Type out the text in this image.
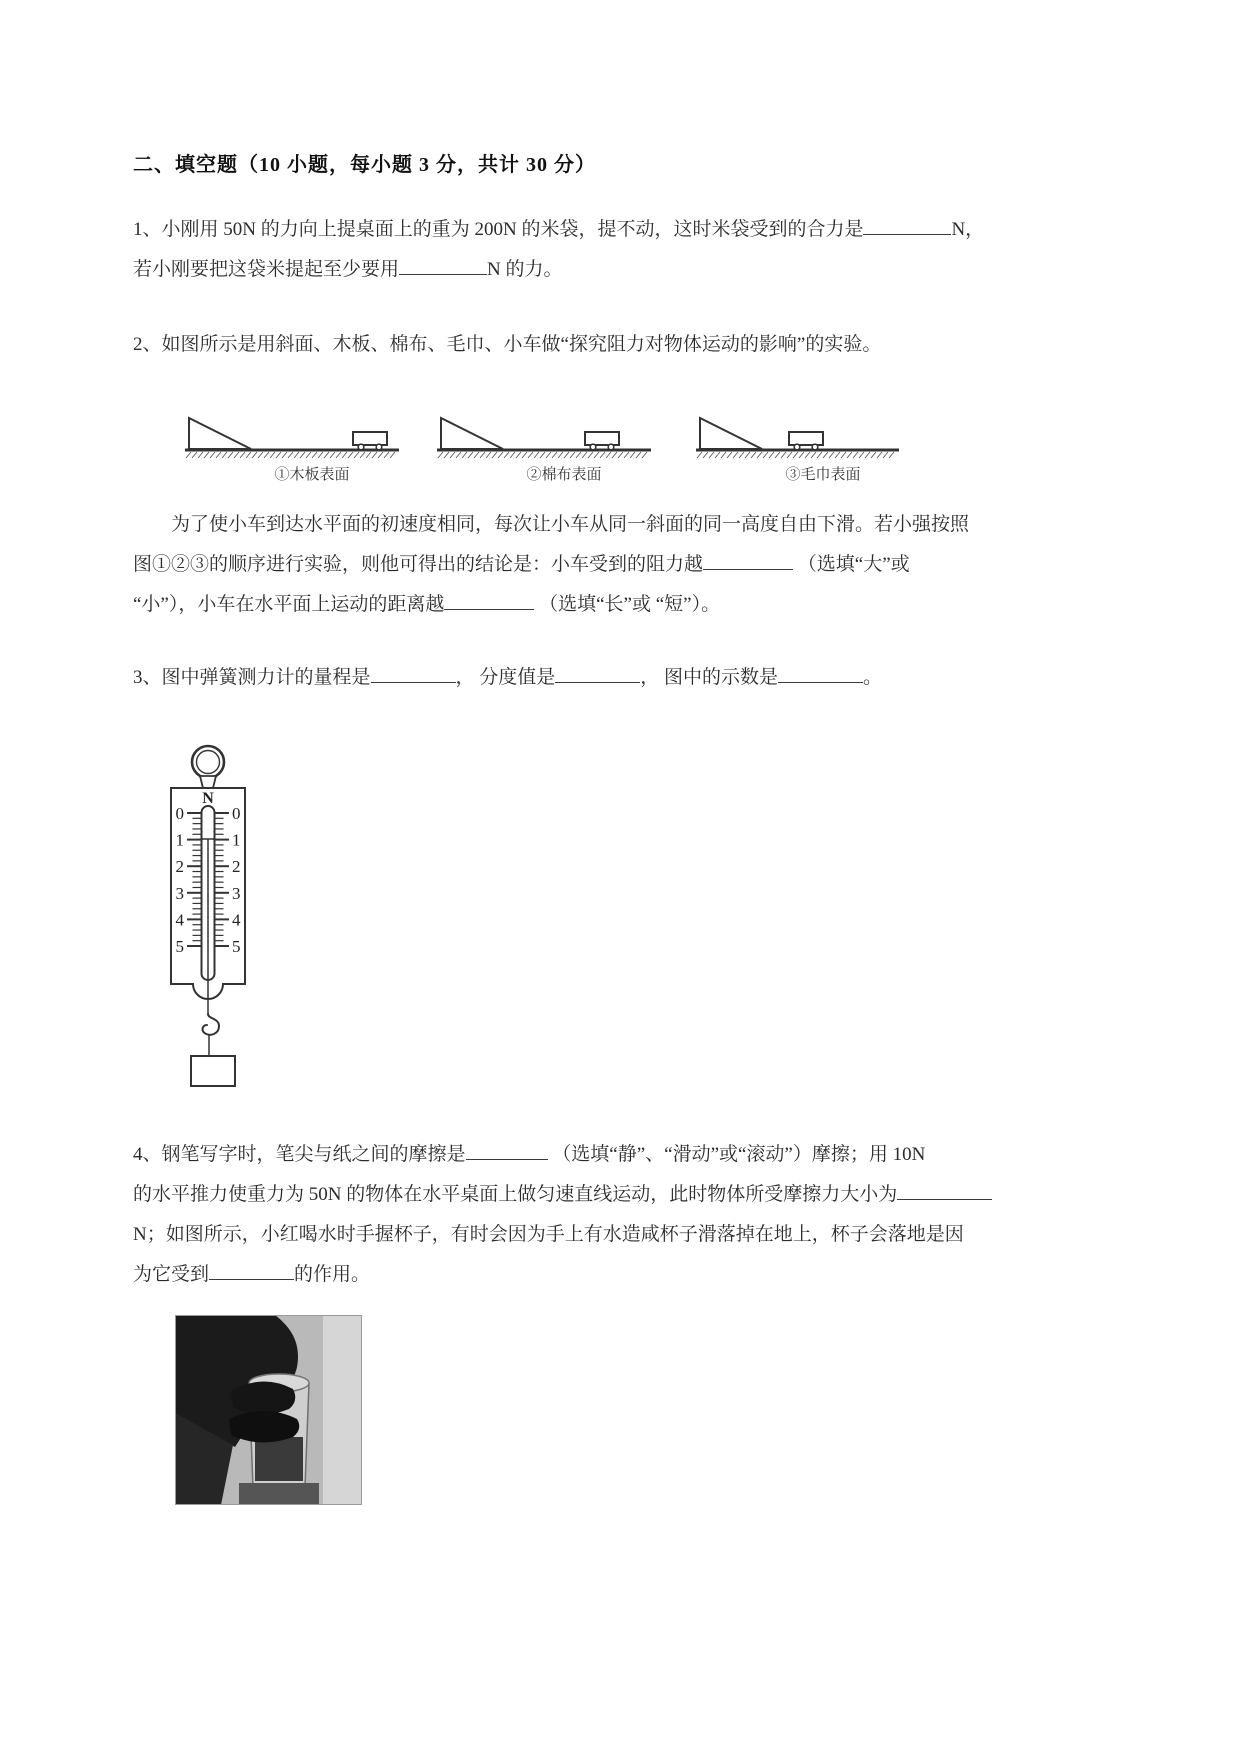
二、填空题（10 小题，每小题 3 分，共计 30 分）
1、小刚用 50N 的力向上提桌面上的重为 200N 的米袋，提不动，这时米袋受到的合力是	N，
若小刚要把这袋米提起至少要用	N 的力。
2、如图所示是用斜面、木板、棉布、毛巾、小车做“探究阻力对物体运动的影响”的实验。
①木板表面	②棉布表面	③毛巾表面
　　为了使小车到达水平面的初速度相同，每次让小车从同一斜面的同一高度自由下滑。若小强按照
图①②③的顺序进行实验，则他可得出的结论是：小车受到的阻力越	（选填“大”或
“小”），小车在水平面上运动的距离越	（选填“长”或 “短”）。
3、图中弹簧测力计的量程是	， 分度值是	， 图中的示数是	。
N
0	0
1	1
2	2
3	3
4	4
5	5
4、钢笔写字时，笔尖与纸之间的摩擦是	（选填“静”、“滑动”或“滚动”）摩擦；用 10N
的水平推力使重力为 50N 的物体在水平桌面上做匀速直线运动，此时物体所受摩擦力大小为
N；如图所示，小红喝水时手握杯子，有时会因为手上有水造咸杯子滑落掉在地上，杯子会落地是因
为它受到	的作用。
